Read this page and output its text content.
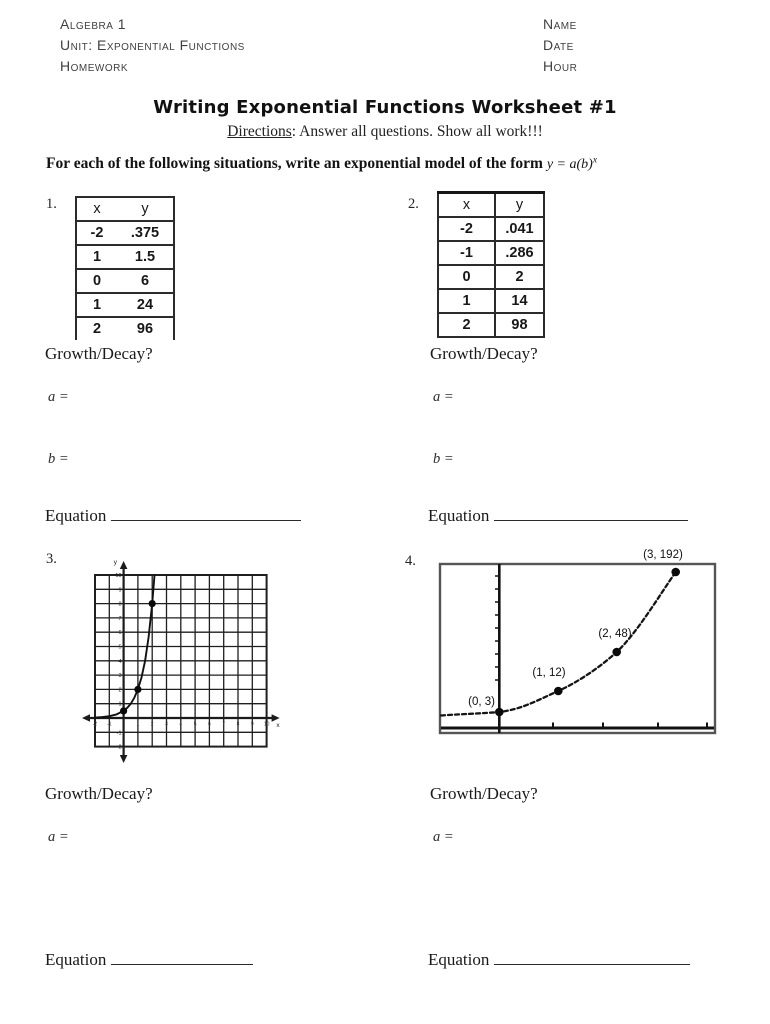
Algebra 1
Unit: Exponential Functions
Homework
Name
Date
Hour
Writing Exponential Functions Worksheet #1
Directions: Answer all questions. Show all work!!!
For each of the following situations, write an exponential model of the form $y = a(b)^x$
1.	x	y
-2	.375
1	1.5
0	6
1	24
2	96
2.	x	y
-2	.041
-1	.286
0	2
1	14
2	98
Growth/Decay?	Growth/Decay?
a =	a =
b =	b =
Equation	Equation
3.
10
9
8
7
6
5
4
3
2
1
-1
-2
-2 -1	1 2 3 4 5 6 7 8 9 10
y
x
4.
(0, 3)
(1, 12)
(2, 48)
(3, 192)
Growth/Decay?	Growth/Decay?
a =	a =
Equation	Equation
